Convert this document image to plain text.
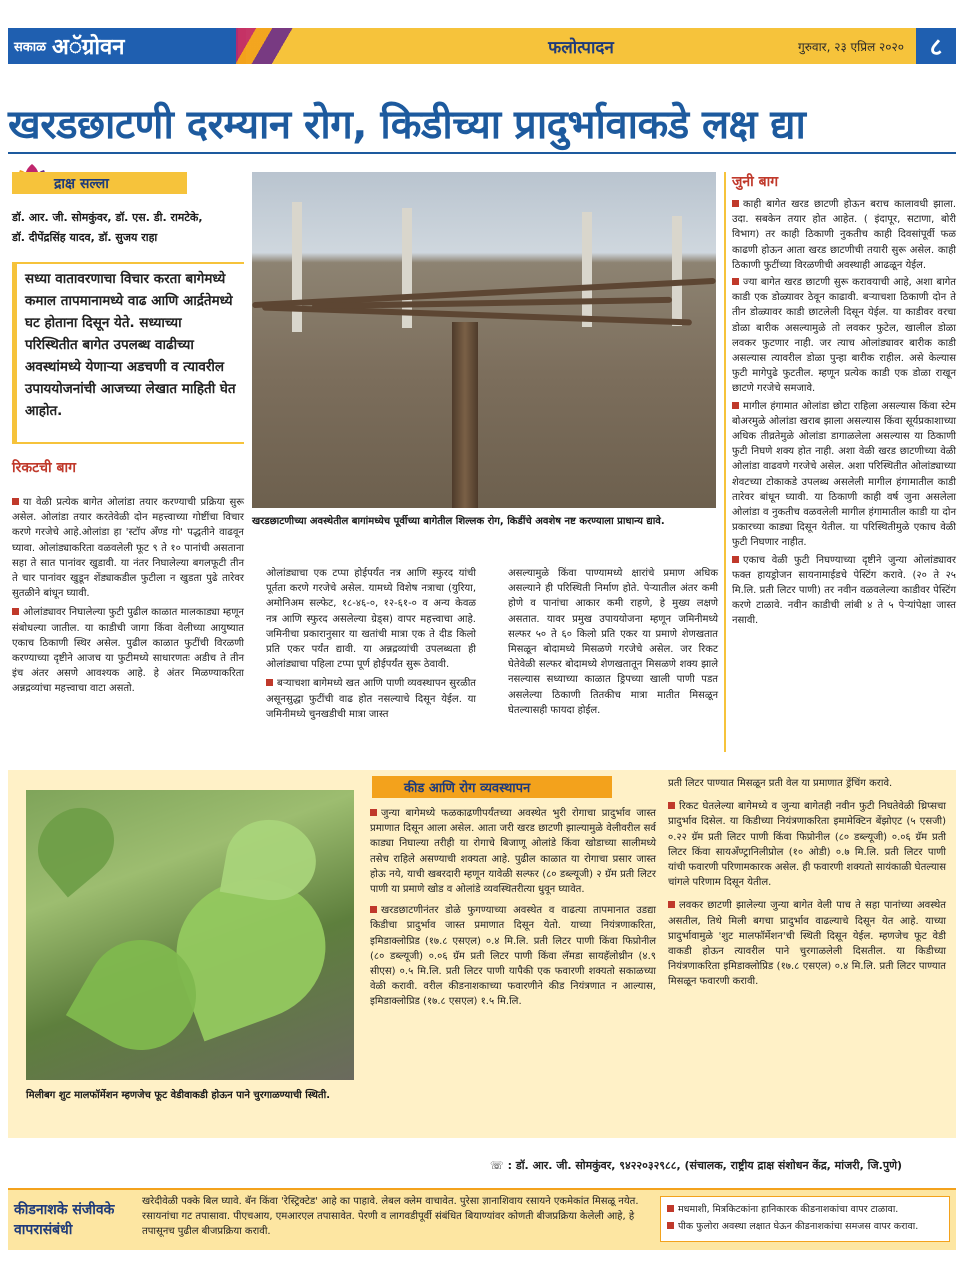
सकाळ अॅग्रोवन	फलोत्पादन	गुरुवार, २३ एप्रिल २०२०	८
खरडछाटणी दरम्यान रोग, किडीच्या प्रादुर्भावाकडे लक्ष द्या
द्राक्ष सल्ला
डॉ. आर. जी. सोमकुंवर, डॉ. एस. डी. रामटेके,
डॉ. दीपेंद्रसिंह यादव, डॉ. सुजय राहा

सध्या वातावरणाचा विचार करता बागेमध्ये कमाल तापमानामध्ये वाढ आणि आर्द्रतेमध्ये घट होताना दिसून येते. सध्याच्या परिस्थितीत बागेत उपलब्ध वाढीच्या अवस्थांमध्ये येणाऱ्या अडचणी व त्यावरील उपाययोजनांची आजच्या लेखात माहिती घेत आहोत.

रिकटची बाग

या वेळी प्रत्येक बागेत ओलांडा तयार करण्याची प्रक्रिया सुरू असेल. ओलांडा तयार करतेवेळी दोन महत्त्वाच्या गोष्टींचा विचार करणे गरजेचे आहे.ओलांडा हा 'स्टॉप अँण्ड गो' पद्धतीने वाढवून घ्यावा. ओलांड्याकरिता वळवलेली फूट ९ ते १० पानांची असताना सहा ते सात पानांवर खुडावी. या नंतर निघालेल्या बगलफूटी तीन ते चार पानांवर खुडून शेंड्याकडील फुटीला न खुडता पुढे तारेवर सुतळीने बांधून घ्यावी.

ओलांड्यावर निघालेल्या फुटी पुढील काळात मालकाड्या म्हणून संबोधल्या जातील. या काडीची जागा किंवा वेलीच्या आयुष्यात एकाच ठिकाणी स्थिर असेल. पुढील काळात फुटींची विरळणी करण्याच्या दृष्टीने आजच या फुटीमध्ये साधारणतः अडीच ते तीन इंच अंतर असणे आवश्यक आहे. हे अंतर मिळण्याकरिता अन्नद्रव्यांचा महत्त्वाचा वाटा असतो.

खरडछाटणीच्या अवस्थेतील बागांमध्येच पूर्वीच्या बागेतील शिल्लक रोग, किडींचे अवशेष नष्ट करण्याला प्राधान्य द्यावे.

ओलांड्याचा एक टप्पा होईपर्यंत नत्र आणि स्फुरद यांची पूर्तता करणे गरजेचे असेल. यामध्ये विशेष नत्राचा (युरिया, अमोनिअम सल्फेट, १८-४६-०, १२-६१-० व अन्य केवळ नत्र आणि स्फुरद असलेल्या ग्रेड्स) वापर महत्त्वाचा आहे. जमिनीचा प्रकारानुसार या खतांची मात्रा एक ते दीड किलो प्रति एकर पर्यंत द्यावी. या अन्नद्रव्यांची उपलब्धता ही ओलांड्याचा पहिला टप्पा पूर्ण होईपर्यंत सुरू ठेवावी.

बऱ्याचशा बागेमध्ये खत आणि पाणी व्यवस्थापन सुरळीत असूनसुद्धा फुटींची वाढ होत नसल्याचे दिसून येईल. या जमिनीमध्ये चुनखडीची मात्रा जास्त

असल्यामुळे किंवा पाण्यामध्ये क्षारांचे प्रमाण अधिक असल्याने ही परिस्थिती निर्माण होते. पेऱ्यातील अंतर कमी होणे व पानांचा आकार कमी राहणे, हे मुख्य लक्षणे असतात. यावर प्रमुख उपाययोजना म्हणून जमिनीमध्ये सल्फर ५० ते ६० किलो प्रति एकर या प्रमाणे शेणखतात मिसळून बोदामध्ये मिसळणे गरजेचे असेल. जर रिकट घेतेवेळी सल्फर बोदामध्ये शेणखतातून मिसळणे शक्य झाले नसल्यास सध्याच्या काळात ड्रिपच्या खाली पाणी पडत असलेल्या ठिकाणी तितकीच मात्रा मातीत मिसळून घेतल्यासही फायदा होईल.

जुनी बाग

काही बागेत खरड छाटणी होऊन बराच कालावधी झाला. उदा. सबकेन तयार होत आहेत. ( इंदापूर, सटाणा, बोरी विभाग) तर काही ठिकाणी नुकतीच काही दिवसांपूर्वी फळ काढणी होऊन आता खरड छाटणीची तयारी सुरू असेल. काही ठिकाणी फुटींच्या विरळणीची अवस्थाही आढळून येईल.

ज्या बागेत खरड छाटणी सुरू करावयाची आहे, अशा बागेत काडी एक डोळ्यावर ठेवून काढावी. बऱ्याचशा ठिकाणी दोन ते तीन डोळ्यावर काडी छाटलेली दिसून येईल. या काडीवर वरचा डोळा बारीक असल्यामुळे तो लवकर फुटेल, खालील डोळा लवकर फुटणार नाही. जर त्याच ओलांड्यावर बारीक काडी असल्यास त्यावरील डोळा पुन्हा बारीक राहील. असे केल्यास फुटी मागेपुढे फुटतील. म्हणून प्रत्येक काडी एक डोळा राखून छाटणे गरजेचे समजावे.

मागील हंगामात ओलांडा छोटा राहिला असल्यास किंवा स्टेम बोअरमुळे ओलांडा खराब झाला असल्यास किंवा सूर्यप्रकाशाच्या अधिक तीव्रतेमुळे ओलांडा डागाळलेला असल्यास या ठिकाणी फुटी निघणे शक्य होत नाही. अशा वेळी खरड छाटणीच्या वेळी ओलांडा वाढवणे गरजेचे असेल. अशा परिस्थितीत ओलांड्याच्या शेवटच्या टोकाकडे उपलब्ध असलेली मागील हंगामातील काडी तारेवर बांधून घ्यावी. या ठिकाणी काही वर्ष जुना असलेला ओलांडा व नुकतीच वळवलेली मागील हंगामातील काडी या दोन प्रकारच्या काड्या दिसून येतील. या परिस्थितीमुळे एकाच वेळी फुटी निघणार नाहीत.

एकाच वेळी फुटी निघण्याच्या दृष्टीने जुन्या ओलांड्यावर फक्त हायड्रोजन सायनामाईडचे पेस्टिंग करावे. (२० ते २५ मि.लि. प्रती लिटर पाणी) तर नवीन वळवलेल्या काडीवर पेस्टिंग करणे टाळावे. नवीन काडीची लांबी ४ ते ५ पेऱ्यांपेक्षा जास्त नसावी.

कीड आणि रोग व्यवस्थापन
मिलीबग शुट मालफॉर्मेशन म्हणजेच फूट वेडीवाकडी होऊन पाने चुरगाळण्याची स्थिती.

जुन्या बागेमध्ये फळकाढणीपर्यंतच्या अवस्थेत भुरी रोगाचा प्रादुर्भाव जास्त प्रमाणात दिसून आला असेल. आता जरी खरड छाटणी झाल्यामुळे वेलीवरील सर्व काड्या निघाल्या तरीही या रोगाचे बिजाणू ओलांडे किंवा खोडाच्या सालीमध्ये तसेच राहिले असण्याची शक्यता आहे. पुढील काळात या रोगाचा प्रसार जास्त होऊ नये, याची खबरदारी म्हणून यावेळी सल्फर (८० डब्ल्यूजी) २ ग्रॅम प्रती लिटर पाणी या प्रमाणे खोड व ओलांडे व्यवस्थितरीत्या धुवून घ्यावेत.

खरडछाटणीनंतर डोळे फुगण्याच्या अवस्थेत व वाढत्या तापमानात उडद्या किडीचा प्रादुर्भाव जास्त प्रमाणात दिसून येतो. याच्या नियंत्रणाकरिता, इमिडाक्लोप्रिड (१७.८ एसएल) ०.४ मि.लि. प्रती लिटर पाणी किंवा फिप्रोनील (८० डब्ल्यूजी) ०.०६ ग्रॅम प्रती लिटर पाणी किंवा लॅमडा सायहॅलोथ्रीन (४.९ सीएस) ०.५ मि.लि. प्रती लिटर पाणी यापैकी एक फवारणी शक्यतो सकाळच्या वेळी करावी. वरील कीडनाशकाच्या फवारणीने कीड नियंत्रणात न आल्यास, इमिडाक्लोप्रिड (१७.८ एसएल) १.५ मि.लि.

प्रती लिटर पाण्यात मिसळून प्रती वेल या प्रमाणात ड्रेंचिंग करावे.

रिकट घेतलेल्या बागेमध्ये व जुन्या बागेतही नवीन फुटी निघतेवेळी थ्रिप्सचा प्रादुर्भाव दिसेल. या किडीच्या नियंत्रणाकरिता इमामेक्टिन बेंझोएट (५ एसजी) ०.२२ ग्रॅम प्रती लिटर पाणी किंवा फिप्रोनील (८० डब्ल्यूजी) ०.०६ ग्रॅम प्रती लिटर किंवा सायअँण्ट्रानिलीप्रोल (१० ओडी) ०.७ मि.लि. प्रती लिटर पाणी यांची फवारणी परिणामकारक असेल. ही फवारणी शक्यतो सायंकाळी घेतल्यास चांगले परिणाम दिसून येतील.

लवकर छाटणी झालेल्या जुन्या बागेत वेली पाच ते सहा पानांच्या अवस्थेत असतील, तिथे मिली बगचा प्रादुर्भाव वाढल्याचे दिसून येत आहे. याच्या प्रादुर्भावामुळे 'शुट मालफॉर्मेशन'ची स्थिती दिसून येईल. म्हणजेच फूट वेडी वाकडी होऊन त्यावरील पाने चुरगाळलेली दिसतील. या किडीच्या नियंत्रणाकरिता इमिडाक्लोप्रिड (१७.८ एसएल) ०.४ मि.लि. प्रती लिटर पाण्यात मिसळून फवारणी करावी.

☏ : डॉ. आर. जी. सोमकुंवर, ९४२२०३२९८८, (संचालक, राष्ट्रीय द्राक्ष संशोधन केंद्र, मांजरी, जि.पुणे)
कीडनाशके संजीवके वापरासंबंधी
खरेदीवेळी पक्के बिल घ्यावे. बॅन किंवा 'रेस्ट्रिक्टेड' आहे का पाहावे. लेबल क्लेम वाचावेत. पुरेसा ज्ञानाशिवाय रसायने एकमेकांत मिसळू नयेत. रसायनांचा गट तपासावा. पीएचआय, एमआरएल तपासावेत. पेरणी व लागवडीपूर्वी संबंधित बियाण्यांवर कोणती बीजप्रक्रिया केलेली आहे, हे तपासूनच पुढील बीजप्रक्रिया करावी.
मधमाशी, मित्रकिटकांना हानिकारक कीडनाशकांचा वापर टाळावा.
पीक फुलोरा अवस्था लक्षात घेऊन कीडनाशकांचा समजस वापर करावा.
